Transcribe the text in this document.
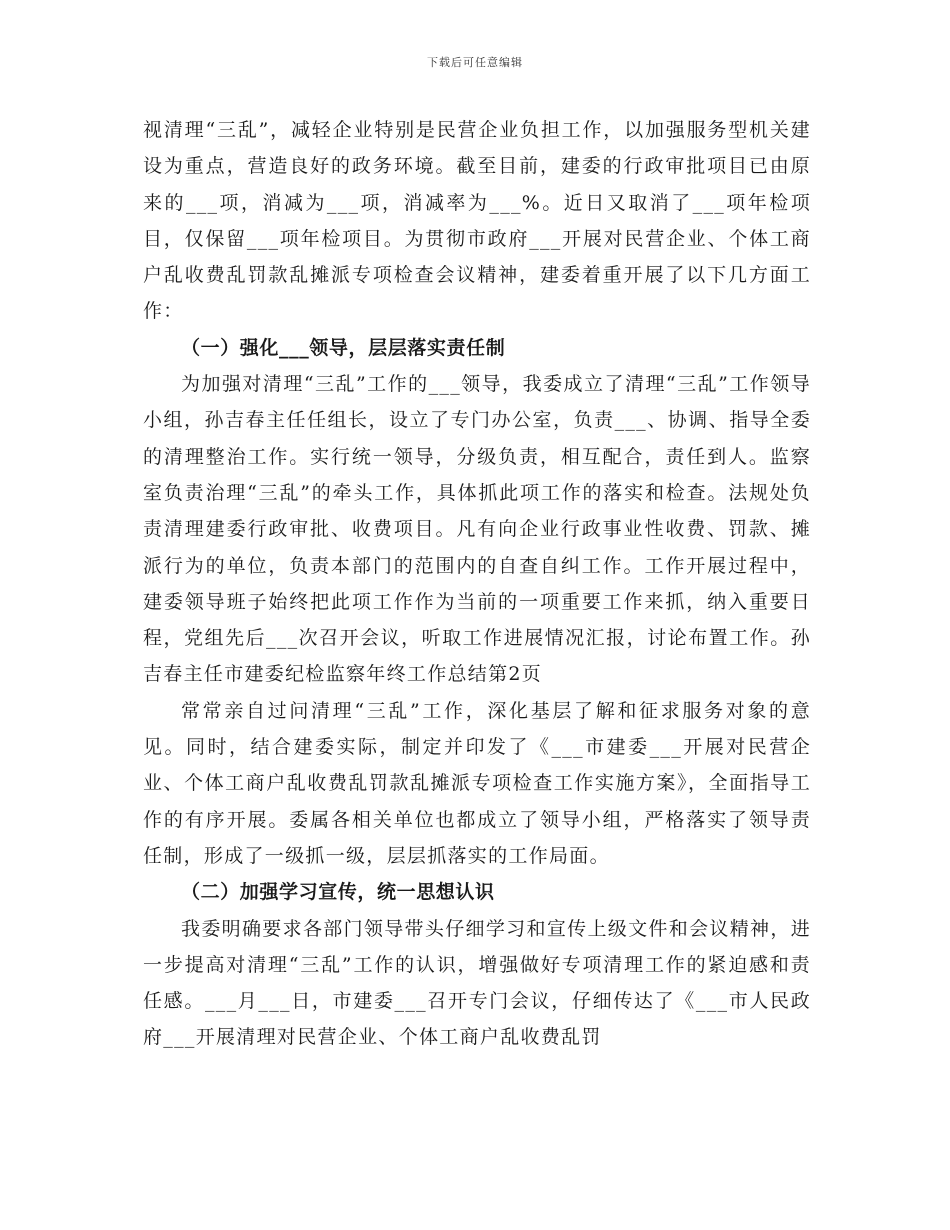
下载后可任意编辑

视清理“三乱”，减轻企业特别是民营企业负担工作，以加强服务型机关建设为重点，营造良好的政务环境。截至目前，建委的行政审批项目已由原来的___项，消减为___项，消减率为___%。近日又取消了___项年检项目，仅保留___项年检项目。为贯彻市政府___开展对民营企业、个体工商户乱收费乱罚款乱摊派专项检查会议精神，建委着重开展了以下几方面工作：

（一）强化___领导，层层落实责任制

为加强对清理“三乱”工作的___领导，我委成立了清理“三乱”工作领导小组，孙吉春主任任组长，设立了专门办公室，负责___、协调、指导全委的清理整治工作。实行统一领导，分级负责，相互配合，责任到人。监察室负责治理“三乱”的牵头工作，具体抓此项工作的落实和检查。法规处负责清理建委行政审批、收费项目。凡有向企业行政事业性收费、罚款、摊派行为的单位，负责本部门的范围内的自查自纠工作。工作开展过程中，建委领导班子始终把此项工作作为当前的一项重要工作来抓，纳入重要日程，党组先后___次召开会议，听取工作进展情况汇报，讨论布置工作。孙吉春主任市建委纪检监察年终工作总结第2页

常常亲自过问清理“三乱”工作，深化基层了解和征求服务对象的意见。同时，结合建委实际，制定并印发了《___市建委___开展对民营企业、个体工商户乱收费乱罚款乱摊派专项检查工作实施方案》，全面指导工作的有序开展。委属各相关单位也都成立了领导小组，严格落实了领导责任制，形成了一级抓一级，层层抓落实的工作局面。

（二）加强学习宣传，统一思想认识

我委明确要求各部门领导带头仔细学习和宣传上级文件和会议精神，进一步提高对清理“三乱”工作的认识，增强做好专项清理工作的紧迫感和责任感。___月___日，市建委___召开专门会议，仔细传达了《___市人民政府___开展清理对民营企业、个体工商户乱收费乱罚
